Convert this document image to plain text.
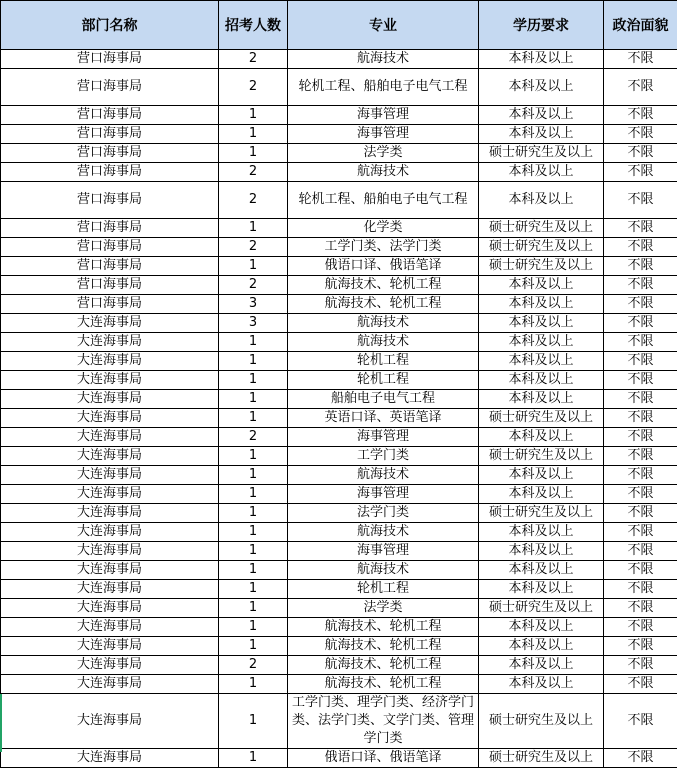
部门名称	招考人数	专业	学历要求	政治面貌
营口海事局	2	航海技术	本科及以上	不限
营口海事局	2	轮机工程、船舶电子电气工程	本科及以上	不限
营口海事局	1	海事管理	本科及以上	不限
营口海事局	1	海事管理	本科及以上	不限
营口海事局	1	法学类	硕士研究生及以上	不限
营口海事局	2	航海技术	本科及以上	不限
营口海事局	2	轮机工程、船舶电子电气工程	本科及以上	不限
营口海事局	1	化学类	硕士研究生及以上	不限
营口海事局	2	工学门类、法学门类	硕士研究生及以上	不限
营口海事局	1	俄语口译、俄语笔译	硕士研究生及以上	不限
营口海事局	2	航海技术、轮机工程	本科及以上	不限
营口海事局	3	航海技术、轮机工程	本科及以上	不限
大连海事局	3	航海技术	本科及以上	不限
大连海事局	1	航海技术	本科及以上	不限
大连海事局	1	轮机工程	本科及以上	不限
大连海事局	1	轮机工程	本科及以上	不限
大连海事局	1	船舶电子电气工程	本科及以上	不限
大连海事局	1	英语口译、英语笔译	硕士研究生及以上	不限
大连海事局	2	海事管理	本科及以上	不限
大连海事局	1	工学门类	硕士研究生及以上	不限
大连海事局	1	航海技术	本科及以上	不限
大连海事局	1	海事管理	本科及以上	不限
大连海事局	1	法学门类	硕士研究生及以上	不限
大连海事局	1	航海技术	本科及以上	不限
大连海事局	1	海事管理	本科及以上	不限
大连海事局	1	航海技术	本科及以上	不限
大连海事局	1	轮机工程	本科及以上	不限
大连海事局	1	法学类	硕士研究生及以上	不限
大连海事局	1	航海技术、轮机工程	本科及以上	不限
大连海事局	1	航海技术、轮机工程	本科及以上	不限
大连海事局	2	航海技术、轮机工程	本科及以上	不限
大连海事局	1	航海技术、轮机工程	本科及以上	不限
大连海事局	1	工学门类、理学门类、经济学门类、法学门类、文学门类、管理学门类	硕士研究生及以上	不限
大连海事局	1	俄语口译、俄语笔译	硕士研究生及以上	不限
